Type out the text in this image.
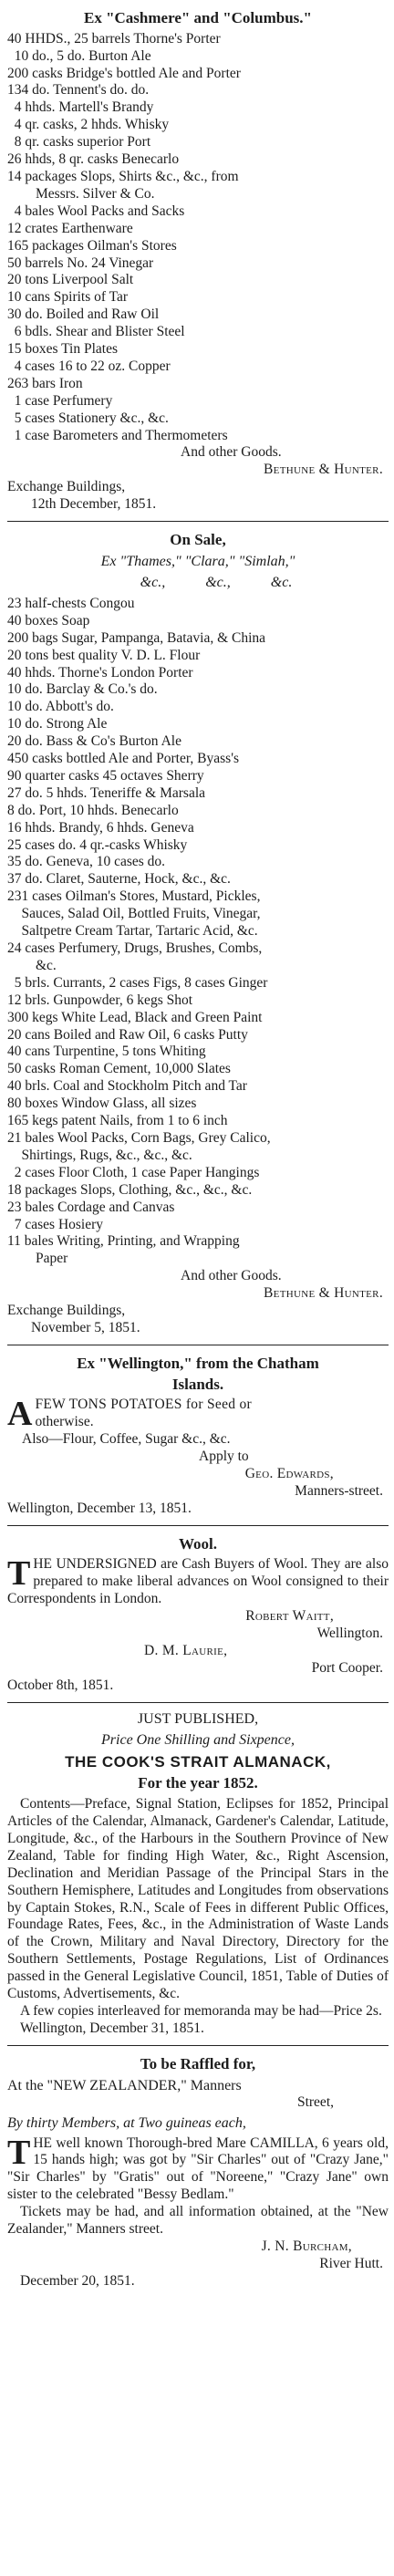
Ex "Cashmere" and "Columbus."
40 HHDS., 25 barrels Thorne's Porter
10 do., 5 do. Burton Ale
200 casks Bridge's bottled Ale and Porter
134 do. Tennent's do. do.
4 hhds. Martell's Brandy
4 qr. casks, 2 hhds. Whisky
8 qr. casks superior Port
26 hhds, 8 qr. casks Benecarlo
14 packages Slops, Shirts &c., &c., from
Messrs. Silver & Co.
4 bales Wool Packs and Sacks
12 crates Earthenware
165 packages Oilman's Stores
50 barrels No. 24 Vinegar
20 tons Liverpool Salt
10 cans Spirits of Tar
30 do. Boiled and Raw Oil
6 bdls. Shear and Blister Steel
15 boxes Tin Plates
4 cases 16 to 22 oz. Copper
263 bars Iron
1 case Perfumery
5 cases Stationery &c., &c.
1 case Barometers and Thermometers
And other Goods.
Bethune & Hunter.
Exchange Buildings,
12th December, 1851.
On Sale,
Ex "Thames," "Clara," "Simlah,"
&c., &c., &c.
23 half-chests Congou
40 boxes Soap
200 bags Sugar, Pampanga, Batavia, & China
20 tons best quality V. D. L. Flour
40 hhds. Thorne's London Porter
10 do. Barclay & Co.'s do.
10 do. Abbott's do.
10 do. Strong Ale
20 do. Bass & Co's Burton Ale
450 casks bottled Ale and Porter, Byass's
90 quarter casks 45 octaves Sherry
27 do. 5 hhds. Teneriffe & Marsala
8 do. Port, 10 hhds. Benecarlo
16 hhds. Brandy, 6 hhds. Geneva
25 cases do. 4 qr.-casks Whisky
35 do. Geneva, 10 cases do.
37 do. Claret, Sauterne, Hock, &c., &c.
231 cases Oilman's Stores, Mustard, Pickles,
Sauces, Salad Oil, Bottled Fruits, Vinegar,
Saltpetre Cream Tartar, Tartaric Acid, &c.
24 cases Perfumery, Drugs, Brushes, Combs,
&c.
5 brls. Currants, 2 cases Figs, 8 cases Ginger
12 brls. Gunpowder, 6 kegs Shot
300 kegs White Lead, Black and Green Paint
20 cans Boiled and Raw Oil, 6 casks Putty
40 cans Turpentine, 5 tons Whiting
50 casks Roman Cement, 10,000 Slates
40 brls. Coal and Stockholm Pitch and Tar
80 boxes Window Glass, all sizes
165 kegs patent Nails, from 1 to 6 inch
21 bales Wool Packs, Corn Bags, Grey Calico,
Shirtings, Rugs, &c., &c., &c.
2 cases Floor Cloth, 1 case Paper Hangings
18 packages Slops, Clothing, &c., &c., &c.
23 bales Cordage and Canvas
7 cases Hosiery
11 bales Writing, Printing, and Wrapping
Paper
And other Goods.
Bethune & Hunter.
Exchange Buildings,
November 5, 1851.
Ex "Wellington," from the Chatham
Islands.
A FEW TONS POTATOES for Seed or
otherwise.
Also—Flour, Coffee, Sugar &c., &c.
Apply to
Geo. Edwards,
Manners-street.
Wellington, December 13, 1851.
Wool.
T HE UNDERSIGNED are Cash Buyers of Wool. They are also prepared to make liberal advances on Wool consigned to their Correspondents in London.

Robert Waitt,
Wellington.
D. M. Laurie,
Port Cooper.
October 8th, 1851.
JUST PUBLISHED,
Price One Shilling and Sixpence,
THE COOK'S STRAIT ALMANACK,
For the year 1852.

Contents—Preface, Signal Station, Eclipses for 1852, Principal Articles of the Calendar, Almanack, Gardener's Calendar, Latitude, Longitude, &c., of the Harbours in the Southern Province of New Zealand, Table for finding High Water, &c., Right Ascension, Declination and Meridian Passage of the Principal Stars in the Southern Hemisphere, Latitudes and Longitudes from observations by Captain Stokes, R.N., Scale of Fees in different Public Offices, Foundage Rates, Fees, &c., in the Administration of Waste Lands of the Crown, Military and Naval Directory, Directory for the Southern Settlements, Postage Regulations, List of Ordinances passed in the General Legislative Council, 1851, Table of Duties of Customs, Advertisements, &c.

A few copies interleaved for memoranda may be had—Price 2s.

Wellington, December 31, 1851.
To be Raffled for,
At the "NEW ZEALANDER," Manners
Street,
By thirty Members, at Two guineas each,
T HE well known Thorough-bred Mare CAMILLA, 6 years old, 15 hands high; was got by "Sir Charles" out of "Crazy Jane," "Sir Charles" by "Gratis" out of "Noreene," "Crazy Jane" own sister to the celebrated "Bessy Bedlam."

Tickets may be had, and all information obtained, at the "New Zealander," Manners street.

J. N. Burcham,
River Hutt.
December 20, 1851.
